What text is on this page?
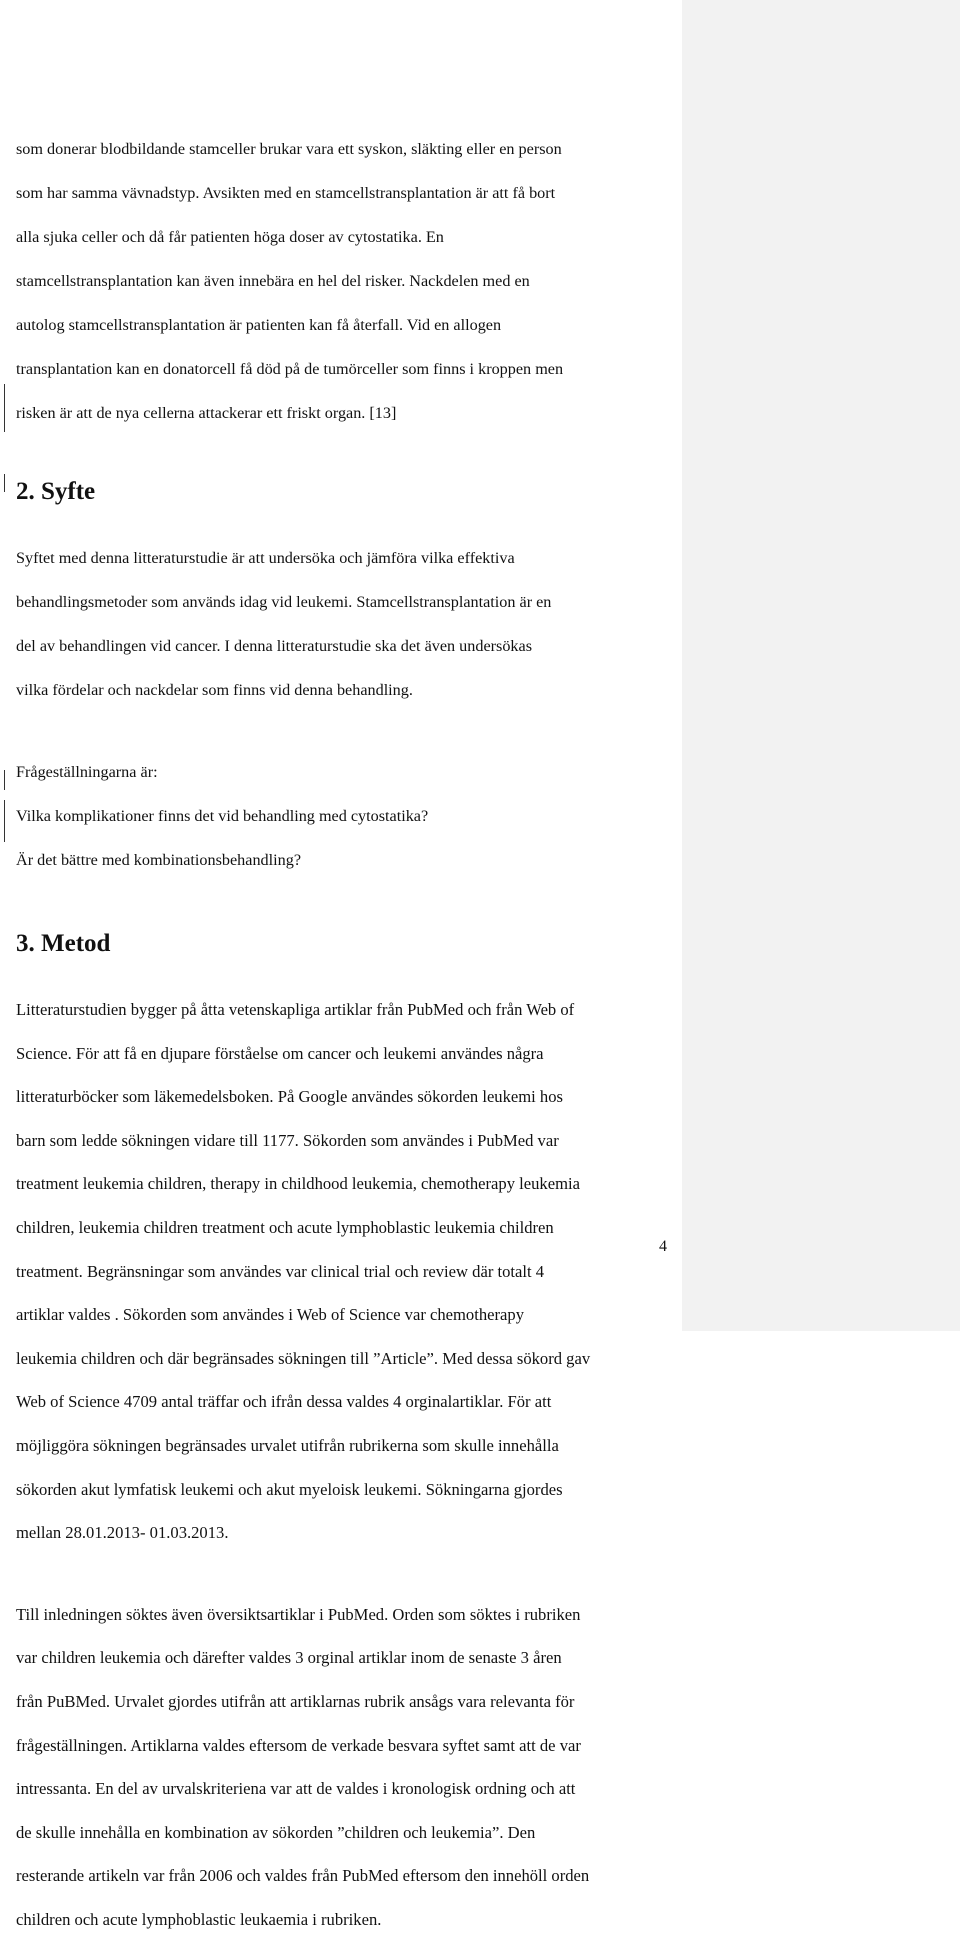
som donerar blodbildande stamceller brukar vara ett syskon, släkting eller en person

som har samma vävnadstyp. Avsikten med en stamcellstransplantation är att få bort

alla sjuka celler och då får patienten höga doser av cytostatika. En

stamcellstransplantation kan även innebära en hel del risker. Nackdelen med en

autolog stamcellstransplantation är patienten kan få återfall. Vid en allogen

transplantation kan en donatorcell få död på de tumörceller som finns i kroppen men

risken är att de nya cellerna attackerar ett friskt organ. [13]

2. Syfte

Syftet med denna litteraturstudie är att undersöka och jämföra vilka effektiva

behandlingsmetoder som används idag vid leukemi. Stamcellstransplantation är en

del av behandlingen vid cancer. I denna litteraturstudie ska det även undersökas

vilka fördelar och nackdelar som finns vid denna behandling.

Frågeställningarna är:

Vilka komplikationer finns det vid behandling med cytostatika?

Är det bättre med kombinationsbehandling?

3. Metod

Litteraturstudien bygger på åtta vetenskapliga artiklar från PubMed och från Web of

Science. För att få en djupare förståelse om cancer och leukemi användes några

litteraturböcker som läkemedelsboken. På Google användes sökorden leukemi hos

barn som ledde sökningen vidare till 1177. Sökorden som användes i PubMed var

treatment leukemia children, therapy in childhood leukemia, chemotherapy leukemia

children, leukemia children treatment och acute lymphoblastic leukemia children

treatment. Begränsningar som användes var clinical trial och review där totalt 4

artiklar valdes . Sökorden som användes i Web of Science var chemotherapy

leukemia children och där begränsades sökningen till ”Article”. Med dessa sökord gav

Web of Science 4709 antal träffar och ifrån dessa valdes 4 orginalartiklar. För att

möjliggöra sökningen begränsades urvalet utifrån rubrikerna som skulle innehålla

sökorden akut lymfatisk leukemi och akut myeloisk leukemi. Sökningarna gjordes

mellan 28.01.2013- 01.03.2013.

Till inledningen söktes även översiktsartiklar i PubMed. Orden som söktes i rubriken

var children leukemia och därefter valdes 3 orginal artiklar inom de senaste 3 åren

från PuBMed. Urvalet gjordes utifrån att artiklarnas rubrik ansågs vara relevanta för

frågeställningen. Artiklarna valdes eftersom de verkade besvara syftet samt att de var

intressanta. En del av urvalskriteriena var att de valdes i kronologisk ordning och att

de skulle innehålla en kombination av sökorden ”children och leukemia”. Den

resterande artikeln var från 2006 och valdes från PubMed eftersom den innehöll orden

children och acute lymphoblastic leukaemia i rubriken.

4
